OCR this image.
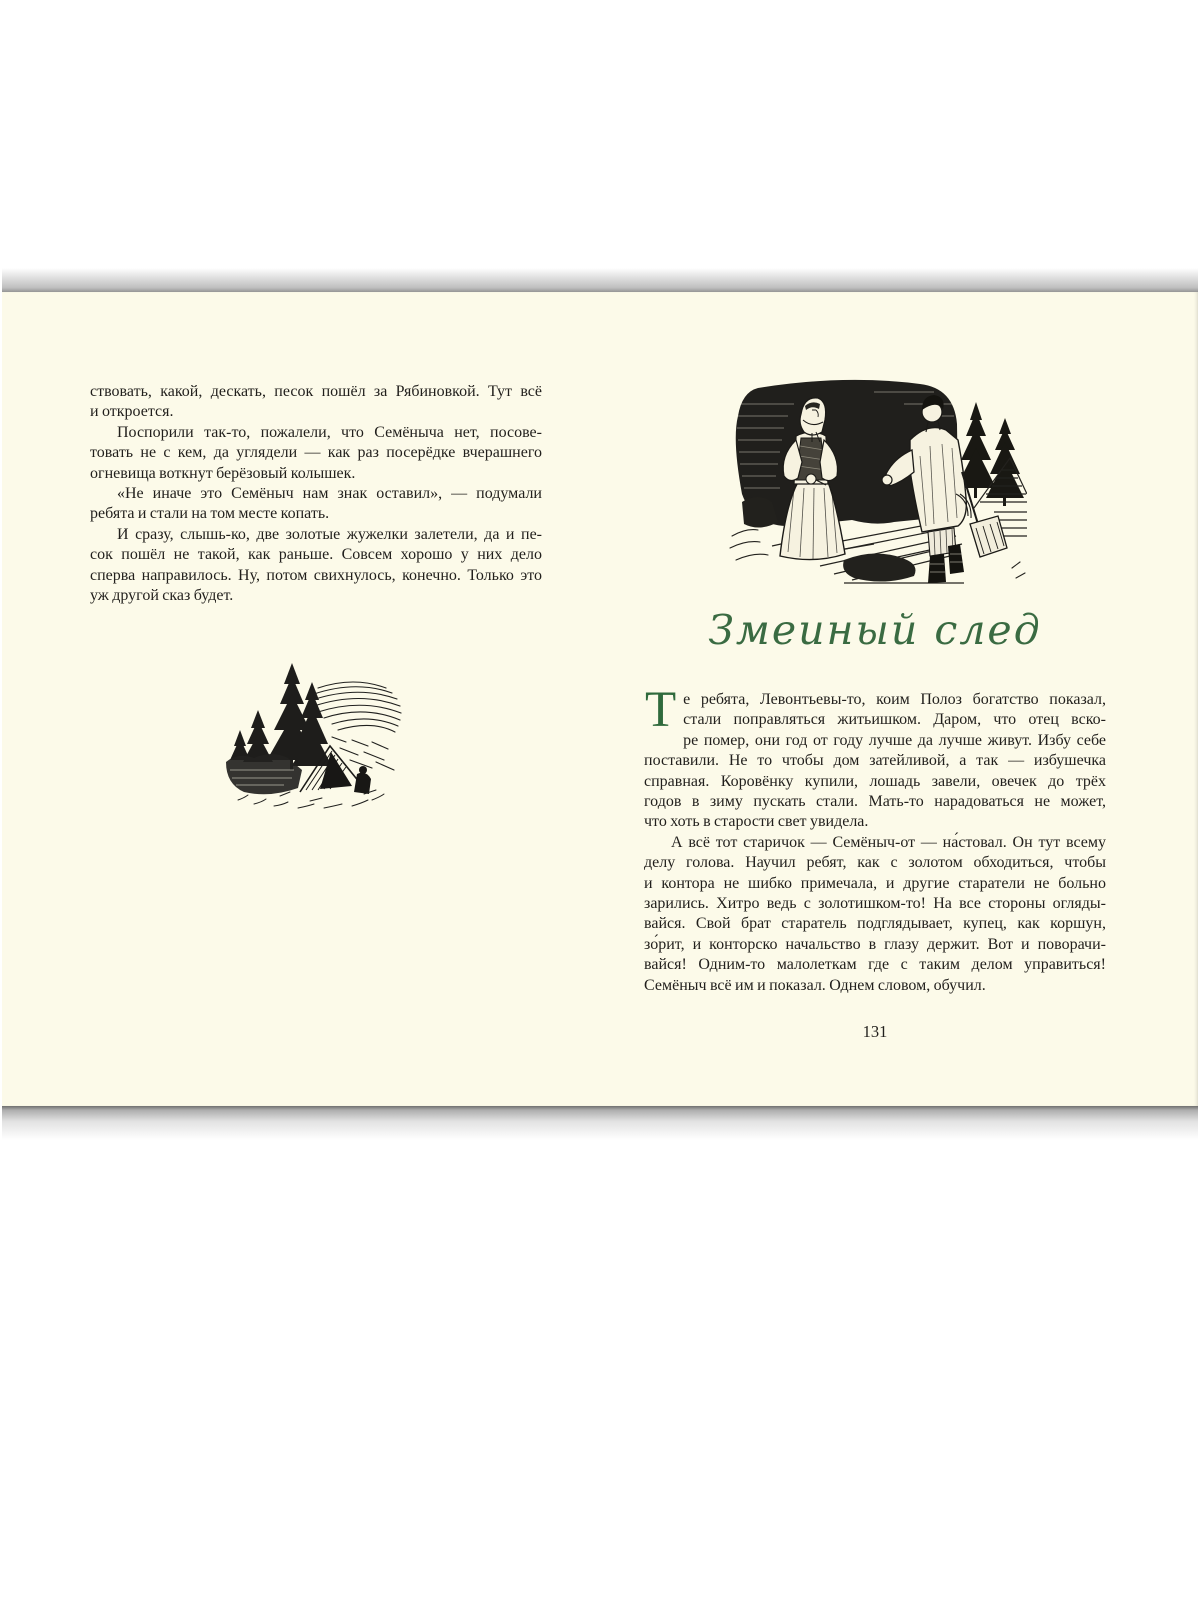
ствовать, какой, дескать, песок пошёл за Рябиновкой. Тут всё
и откроется.
Поспорили так-то, пожалели, что Семёныча нет, посове-
товать не с кем, да углядели — как раз посерёдке вчерашнего
огневища воткнут берёзовый колышек.
«Не иначе это Семёныч нам знак оставил», — подумали
ребята и стали на том месте копать.
И сразу, слышь-ко, две золотые жужелки залетели, да и пе-
сок пошёл не такой, как раньше. Совсем хорошо у них дело
сперва направилось. Ну, потом свихнулось, конечно. Только это
уж другой сказ будет.
Змеиный след
Т е ребята, Левонтьевы-то, коим Полоз богатство показал,
стали поправляться житьишком. Даром, что отец вско-
ре помер, они год от году лучше да лучше живут. Избу себе
поставили. Не то чтобы дом затейливой, а так — избушечка
справная. Коровёнку купили, лошадь завели, овечек до трёх
годов в зиму пускать стали. Мать-то нарадоваться не может,
что хоть в старости свет увидела.
А всё тот старичок — Семёныч-от — на́стовал. Он тут всему
делу голова. Научил ребят, как с золотом обходиться, чтобы
и контора не шибко примечала, и другие старатели не больно
зарились. Хитро ведь с золотишком-то! На все стороны огляды-
вайся. Свой брат старатель подглядывает, купец, как коршун,
зо́рит, и конторско начальство в глазу держит. Вот и поворачи-
вайся! Одним-то малолеткам где с таким делом управиться!
Семёныч всё им и показал. Однем словом, обучил.
131
